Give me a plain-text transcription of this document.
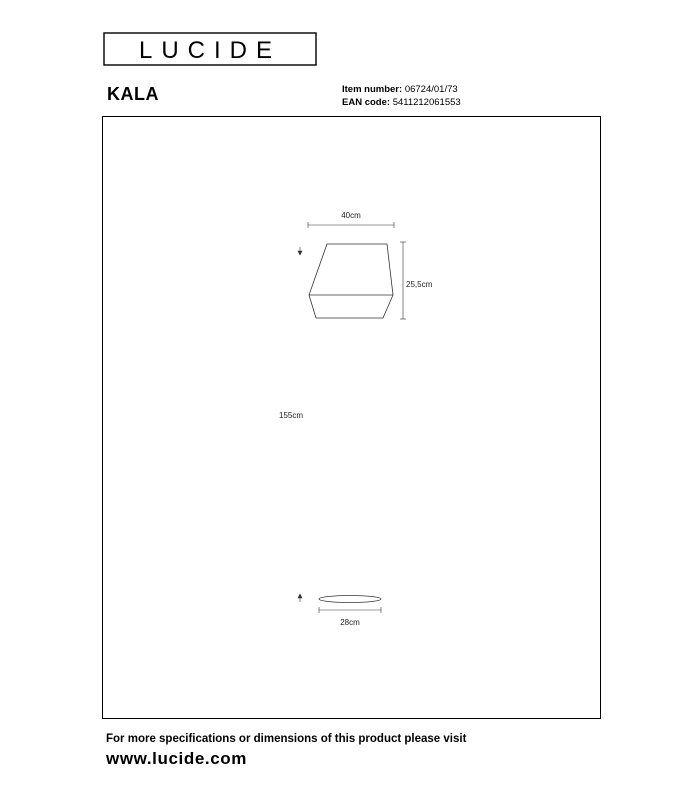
LUCIDE
KALA	Item number: 06724/01/73
EAN code: 5411212061553
40cm
25,5cm
155cm
28cm
For more specifications or dimensions of this product please visit
www.lucide.com
